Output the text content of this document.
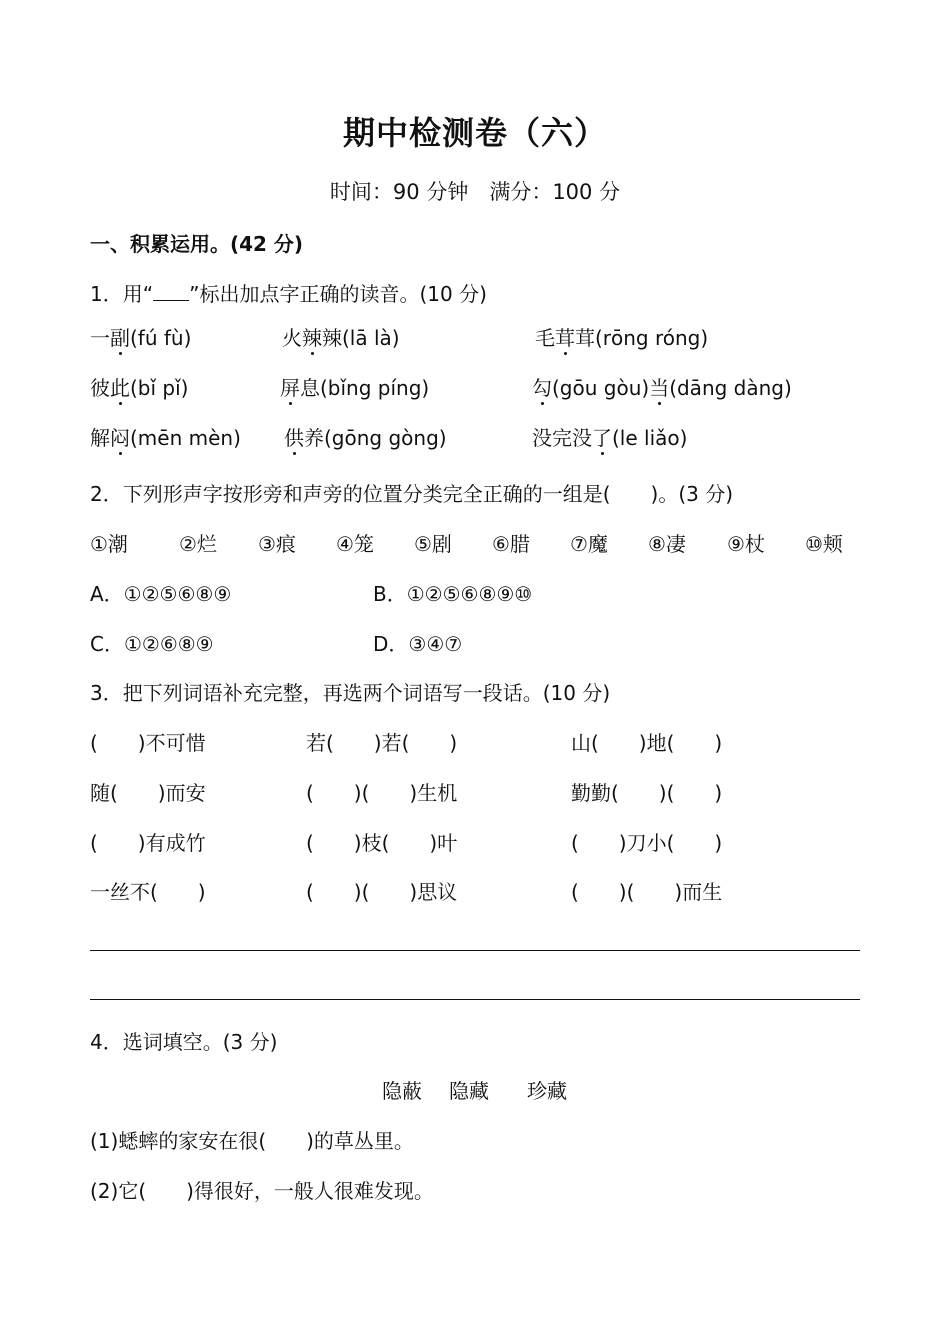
期中检测卷（六）
时间：90 分钟　满分：100 分
一、积累运用。(42 分)
1．用“ ”标出加点字正确的读音。(10 分)
一副(fú fù)	火辣辣(lā là)	毛茸茸(rōng róng)
彼此(bǐ pǐ)	屏息(bǐng píng)	勾(gōu gòu)当(dāng dàng)
解闷(mēn mèn) 供养(gōng gòng)	没完没了(le liǎo)
2．下列形声字按形旁和声旁的位置分类完全正确的一组是(　　)。(3 分)
①潮	②烂 ③痕 ④笼 ⑤剧 ⑥腊 ⑦魔 ⑧凄 ⑨杖 ⑩颊
A．①②⑤⑥⑧⑨	B．①②⑤⑥⑧⑨⑩
C．①②⑥⑧⑨	D．③④⑦
3．把下列词语补充完整，再选两个词语写一段话。(10 分)
(　　)不可惜	若(　　)若(　　)	山(　　)地(　　)
随(　　)而安	(　　)(　　)生机	勤勤(　　)(　　)
(　　)有成竹	(　　)枝(　　)叶	(　　)刀小(　　)
一丝不(　　)	(　　)(　　)思议	(　　)(　　)而生
4．选词填空。(3 分)
隐蔽 隐藏 珍藏
(1)蟋蟀的家安在很(　　)的草丛里。
(2)它(　　)得很好，一般人很难发现。
